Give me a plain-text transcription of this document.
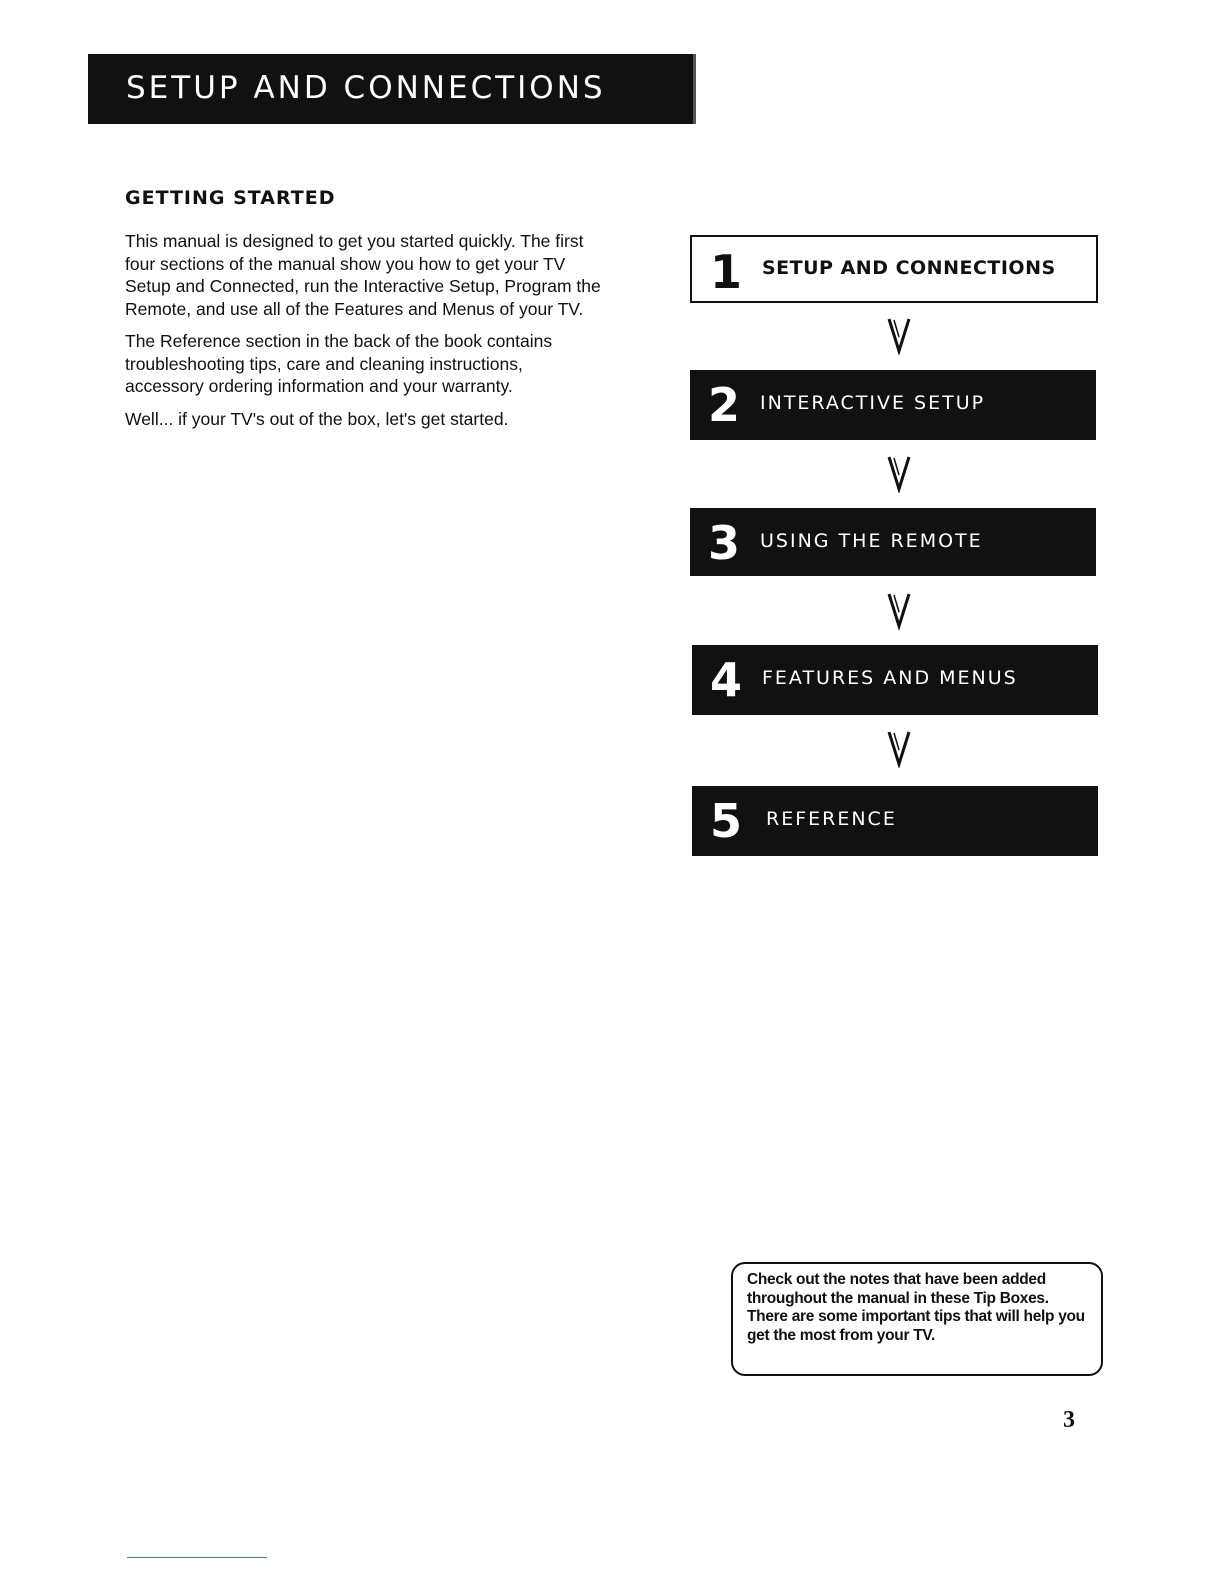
SETUP AND CONNECTIONS
GETTING STARTED

This manual is designed to get you started quickly. The first four sections of the manual show you how to get your TV Setup and Connected, run the Interactive Setup, Program the Remote, and use all of the Features and Menus of your TV.

The Reference section in the back of the book contains troubleshooting tips, care and cleaning instructions, accessory ordering information and your warranty.

Well... if your TV's out of the box, let's get started.

1 SETUP AND CONNECTIONS
2 INTERACTIVE SETUP
3 USING THE REMOTE
4 FEATURES AND MENUS
5 REFERENCE
Check out the notes that have been added throughout the manual in these Tip Boxes. There are some important tips that will help you get the most from your TV.
3
